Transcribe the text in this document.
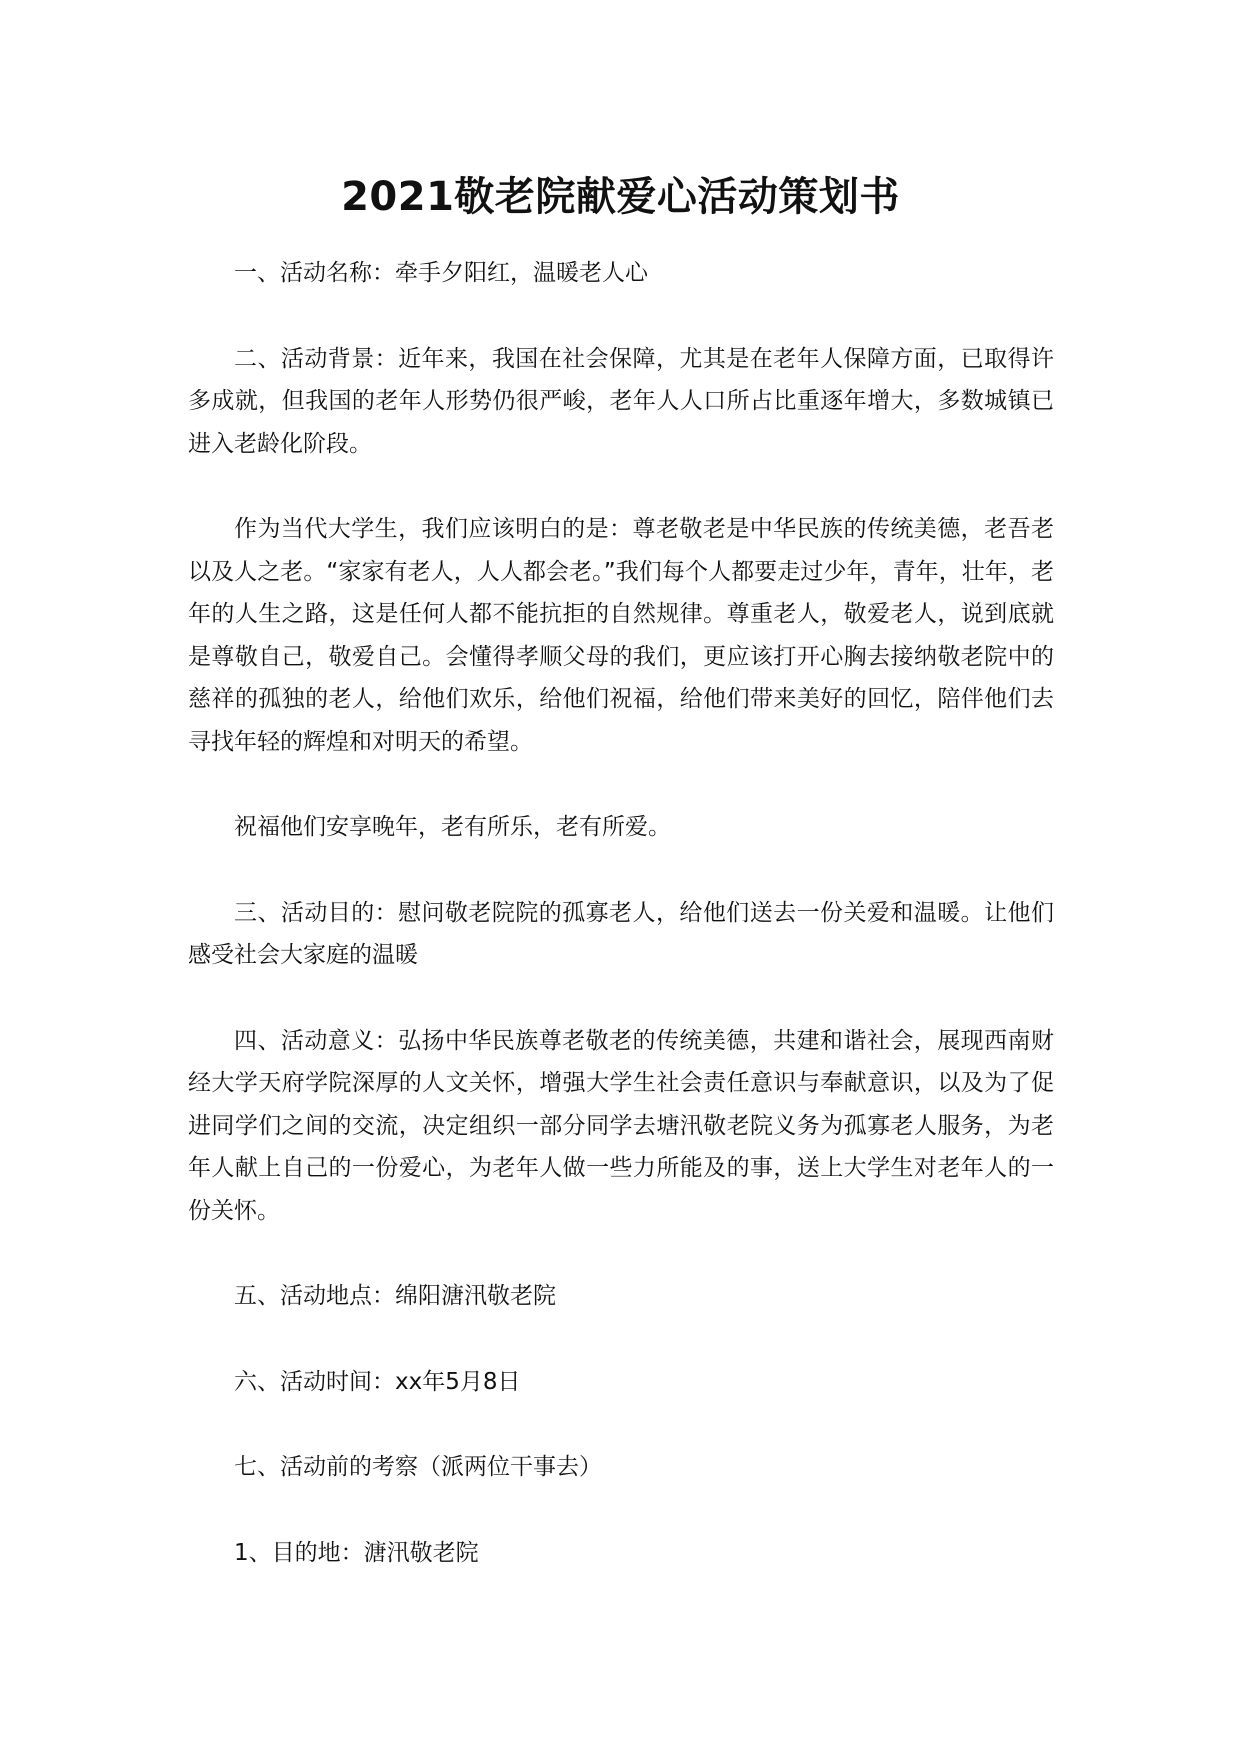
2021敬老院献爱心活动策划书

一、活动名称：牵手夕阳红，温暖老人心

二、活动背景：近年来，我国在社会保障，尤其是在老年人保障方面，已取得许多成就，但我国的老年人形势仍很严峻，老年人人口所占比重逐年增大，多数城镇已进入老龄化阶段。

作为当代大学生，我们应该明白的是：尊老敬老是中华民族的传统美德，老吾老以及人之老。“家家有老人，人人都会老。”我们每个人都要走过少年，青年，壮年，老年的人生之路，这是任何人都不能抗拒的自然规律。尊重老人，敬爱老人，说到底就是尊敬自己，敬爱自己。会懂得孝顺父母的我们，更应该打开心胸去接纳敬老院中的慈祥的孤独的老人，给他们欢乐，给他们祝福，给他们带来美好的回忆，陪伴他们去寻找年轻的辉煌和对明天的希望。

祝福他们安享晚年，老有所乐，老有所爱。

三、活动目的：慰问敬老院院的孤寡老人，给他们送去一份关爱和温暖。让他们感受社会大家庭的温暖

四、活动意义：弘扬中华民族尊老敬老的传统美德，共建和谐社会，展现西南财经大学天府学院深厚的人文关怀，增强大学生社会责任意识与奉献意识，以及为了促进同学们之间的交流，决定组织一部分同学去塘汛敬老院义务为孤寡老人服务，为老年人献上自己的一份爱心，为老年人做一些力所能及的事，送上大学生对老年人的一份关怀。

五、活动地点：绵阳溏汛敬老院

六、活动时间：xx年5月8日

七、活动前的考察（派两位干事去）

1、目的地：溏汛敬老院
